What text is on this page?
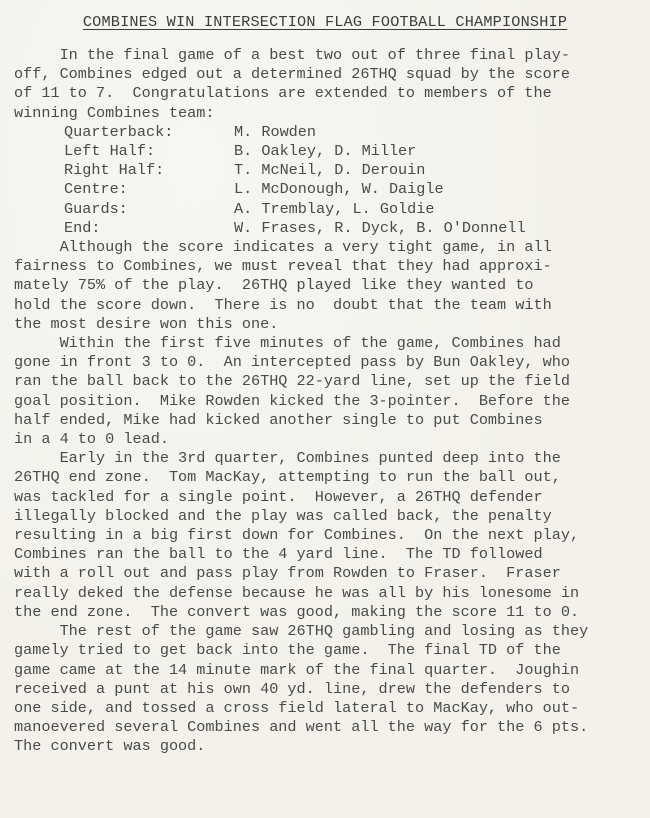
COMBINES WIN INTERSECTION FLAG FOOTBALL CHAMPIONSHIP

In the final game of a best two out of three final play-

off, Combines edged out a determined 26THQ squad by the score

of 11 to 7.  Congratulations are extended to members of the

winning Combines team:

Quarterback:	M. Rowden
Left Half:	B. Oakley, D. Miller
Right Half:	T. McNeil, D. Derouin
Centre:	L. McDonough, W. Daigle
Guards:	A. Tremblay, L. Goldie
End:	W. Frases, R. Dyck, B. O'Donnell

Although the score indicates a very tight game, in all

fairness to Combines, we must reveal that they had approxi-

mately 75% of the play.  26THQ played like they wanted to

hold the score down.  There is no  doubt that the team with

the most desire won this one.

Within the first five minutes of the game, Combines had

gone in front 3 to 0.  An intercepted pass by Bun Oakley, who

ran the ball back to the 26THQ 22-yard line, set up the field

goal position.  Mike Rowden kicked the 3-pointer.  Before the

half ended, Mike had kicked another single to put Combines

in a 4 to 0 lead.

Early in the 3rd quarter, Combines punted deep into the

26THQ end zone.  Tom MacKay, attempting to run the ball out,

was tackled for a single point.  However, a 26THQ defender

illegally blocked and the play was called back, the penalty

resulting in a big first down for Combines.  On the next play,

Combines ran the ball to the 4 yard line.  The TD followed

with a roll out and pass play from Rowden to Fraser.  Fraser

really deked the defense because he was all by his lonesome in

the end zone.  The convert was good, making the score 11 to 0.

The rest of the game saw 26THQ gambling and losing as they

gamely tried to get back into the game.  The final TD of the

game came at the 14 minute mark of the final quarter.  Joughin

received a punt at his own 40 yd. line, drew the defenders to

one side, and tossed a cross field lateral to MacKay, who out-

manoevered several Combines and went all the way for the 6 pts.

The convert was good.
